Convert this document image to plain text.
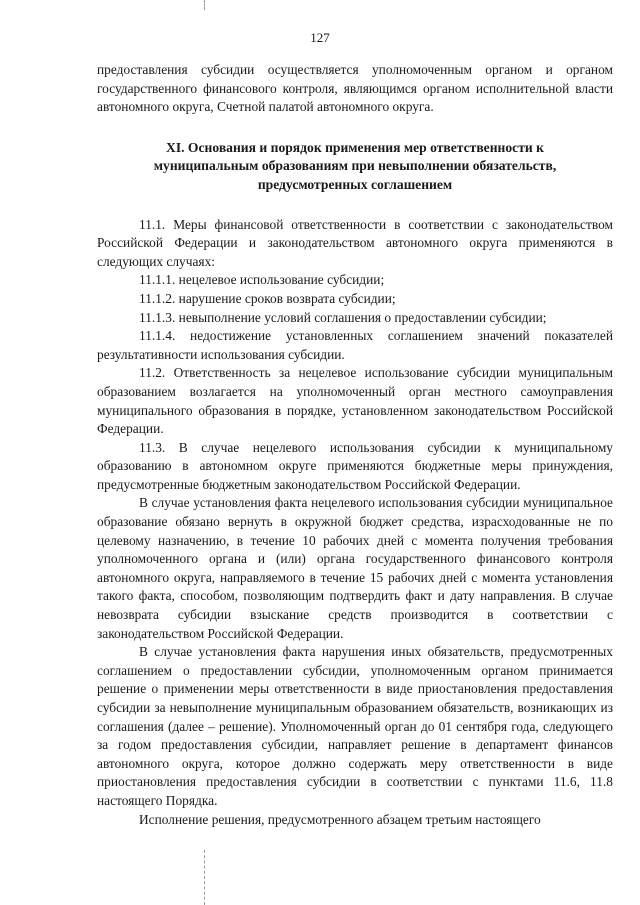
127

предоставления субсидии осуществляется уполномоченным органом и органом государственного финансового контроля, являющимся органом исполнительной власти автономного округа, Счетной палатой автономного округа.

XI. Основания и порядок применения мер ответственности к
муниципальным образованиям при невыполнении обязательств,
предусмотренных соглашением

11.1. Меры финансовой ответственности в соответствии с законодательством Российской Федерации и законодательством автономного округа применяются в следующих случаях:

11.1.1. нецелевое использование субсидии;

11.1.2. нарушение сроков возврата субсидии;

11.1.3. невыполнение условий соглашения о предоставлении субсидии;

11.1.4. недостижение установленных соглашением значений показателей результативности использования субсидии.

11.2. Ответственность за нецелевое использование субсидии муниципальным образованием возлагается на уполномоченный орган местного самоуправления муниципального образования в порядке, установленном законодательством Российской Федерации.

11.3. В случае нецелевого использования субсидии к муниципальному образованию в автономном округе применяются бюджетные меры принуждения, предусмотренные бюджетным законодательством Российской Федерации.

В случае установления факта нецелевого использования субсидии муниципальное образование обязано вернуть в окружной бюджет средства, израсходованные не по целевому назначению, в течение 10 рабочих дней с момента получения требования уполномоченного органа и (или) органа государственного финансового контроля автономного округа, направляемого в течение 15 рабочих дней с момента установления такого факта, способом, позволяющим подтвердить факт и дату направления. В случае невозврата субсидии взыскание средств производится в соответствии с законодательством Российской Федерации.

В случае установления факта нарушения иных обязательств, предусмотренных соглашением о предоставлении субсидии, уполномоченным органом принимается решение о применении меры ответственности в виде приостановления предоставления субсидии за невыполнение муниципальным образованием обязательств, возникающих из соглашения (далее – решение). Уполномоченный орган до 01 сентября года, следующего за годом предоставления субсидии, направляет решение в департамент финансов автономного округа, которое должно содержать меру ответственности в виде приостановления предоставления субсидии в соответствии с пунктами 11.6, 11.8 настоящего Порядка.

Исполнение решения, предусмотренного абзацем третьим настоящего
